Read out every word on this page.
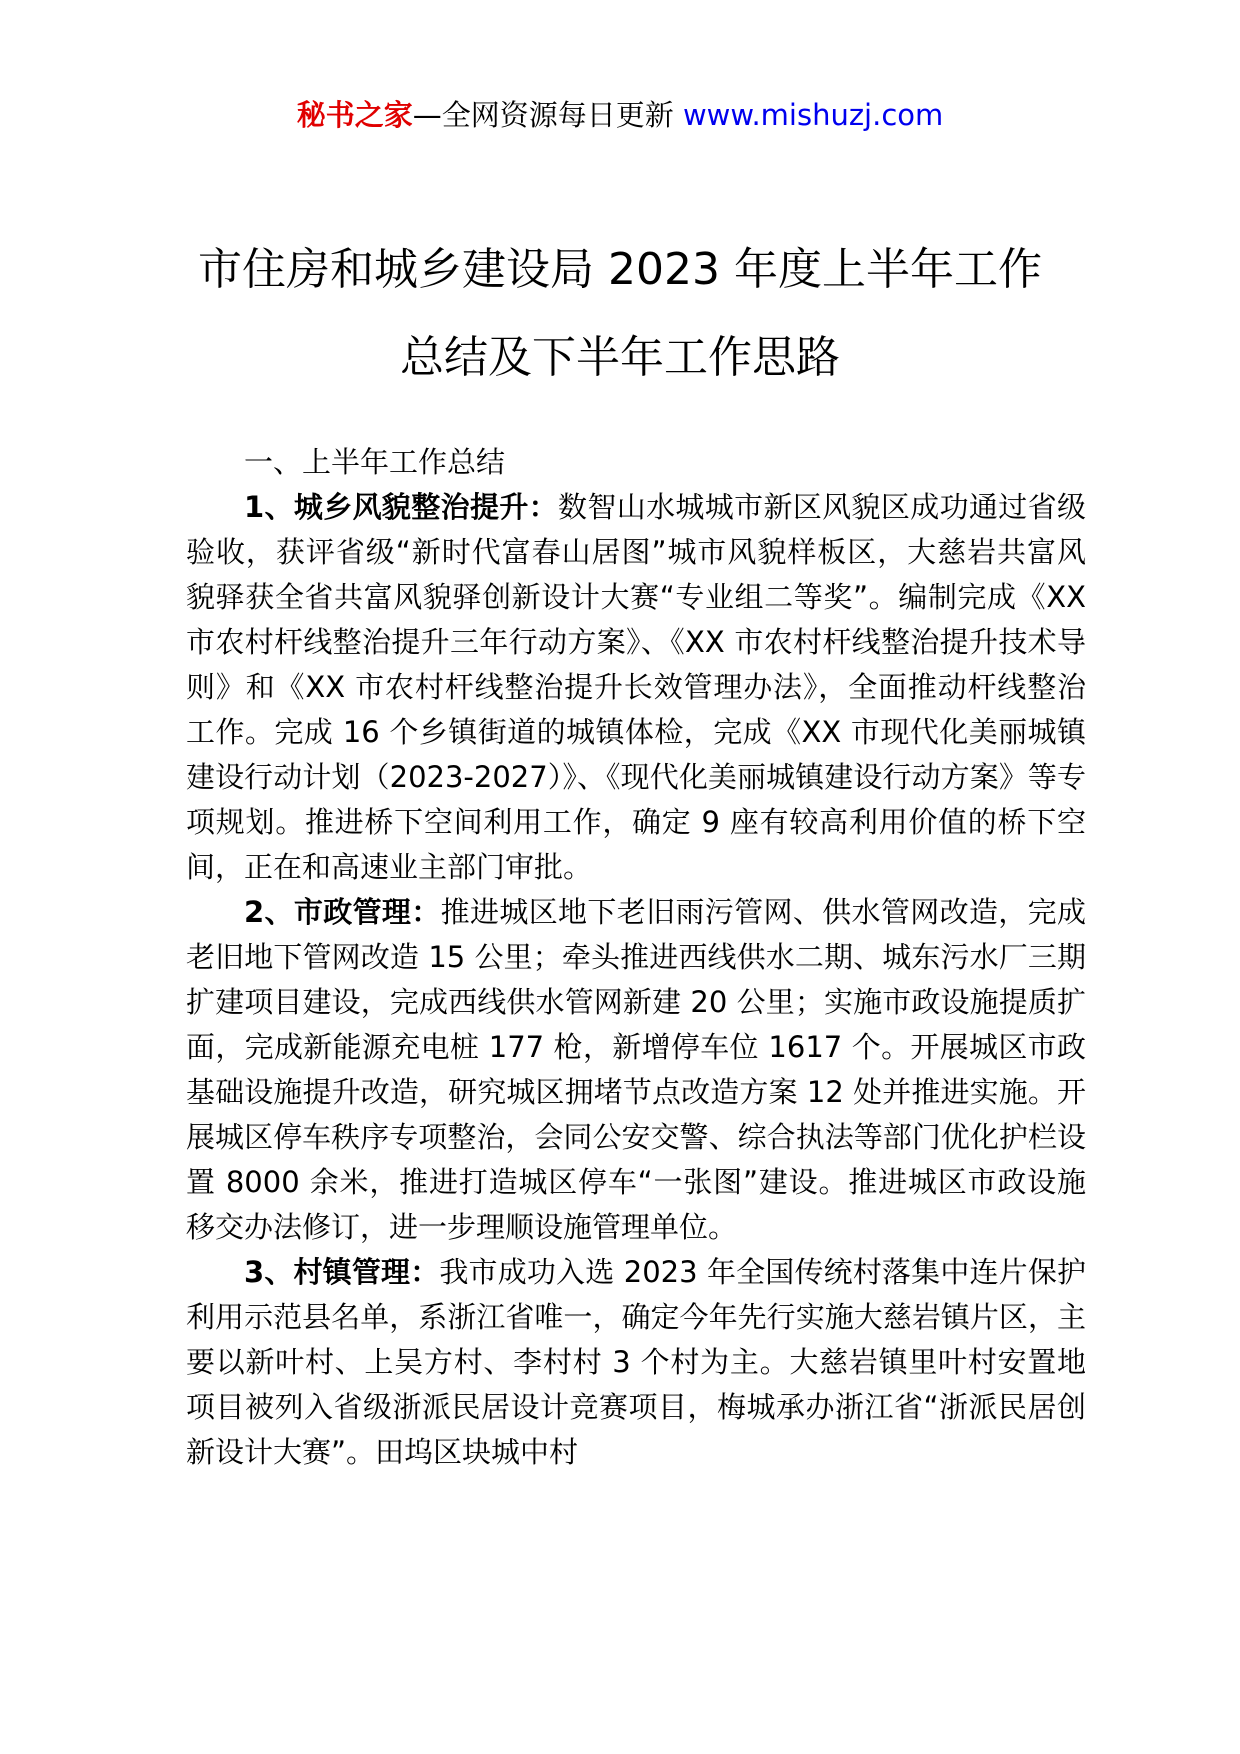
秘书之家—全网资源每日更新 www.mishuzj.com
市住房和城乡建设局 2023 年度上半年工作
总结及下半年工作思路

一、上半年工作总结

1、城乡风貌整治提升：数智山水城城市新区风貌区成功通过省级验收，获评省级“新时代富春山居图”城市风貌样板区，大慈岩共富风貌驿获全省共富风貌驿创新设计大赛“专业组二等奖”。编制完成《XX 市农村杆线整治提升三年行动方案》、《XX 市农村杆线整治提升技术导则》和《XX 市农村杆线整治提升长效管理办法》，全面推动杆线整治工作。完成 16 个乡镇街道的城镇体检，完成《XX 市现代化美丽城镇建设行动计划（2023-2027）》、《现代化美丽城镇建设行动方案》等专项规划。推进桥下空间利用工作，确定 9 座有较高利用价值的桥下空间，正在和高速业主部门审批。

2、市政管理：推进城区地下老旧雨污管网、供水管网改造，完成老旧地下管网改造 15 公里；牵头推进西线供水二期、城东污水厂三期扩建项目建设，完成西线供水管网新建 20 公里；实施市政设施提质扩面，完成新能源充电桩 177 枪，新增停车位 1617 个。开展城区市政基础设施提升改造，研究城区拥堵节点改造方案 12 处并推进实施。开展城区停车秩序专项整治，会同公安交警、综合执法等部门优化护栏设置 8000 余米，推进打造城区停车“一张图”建设。推进城区市政设施移交办法修订，进一步理顺设施管理单位。

3、村镇管理：我市成功入选 2023 年全国传统村落集中连片保护利用示范县名单，系浙江省唯一，确定今年先行实施大慈岩镇片区，主要以新叶村、上吴方村、李村村 3 个村为主。大慈岩镇里叶村安置地项目被列入省级浙派民居设计竞赛项目，梅城承办浙江省“浙派民居创新设计大赛”。田坞区块城中村
